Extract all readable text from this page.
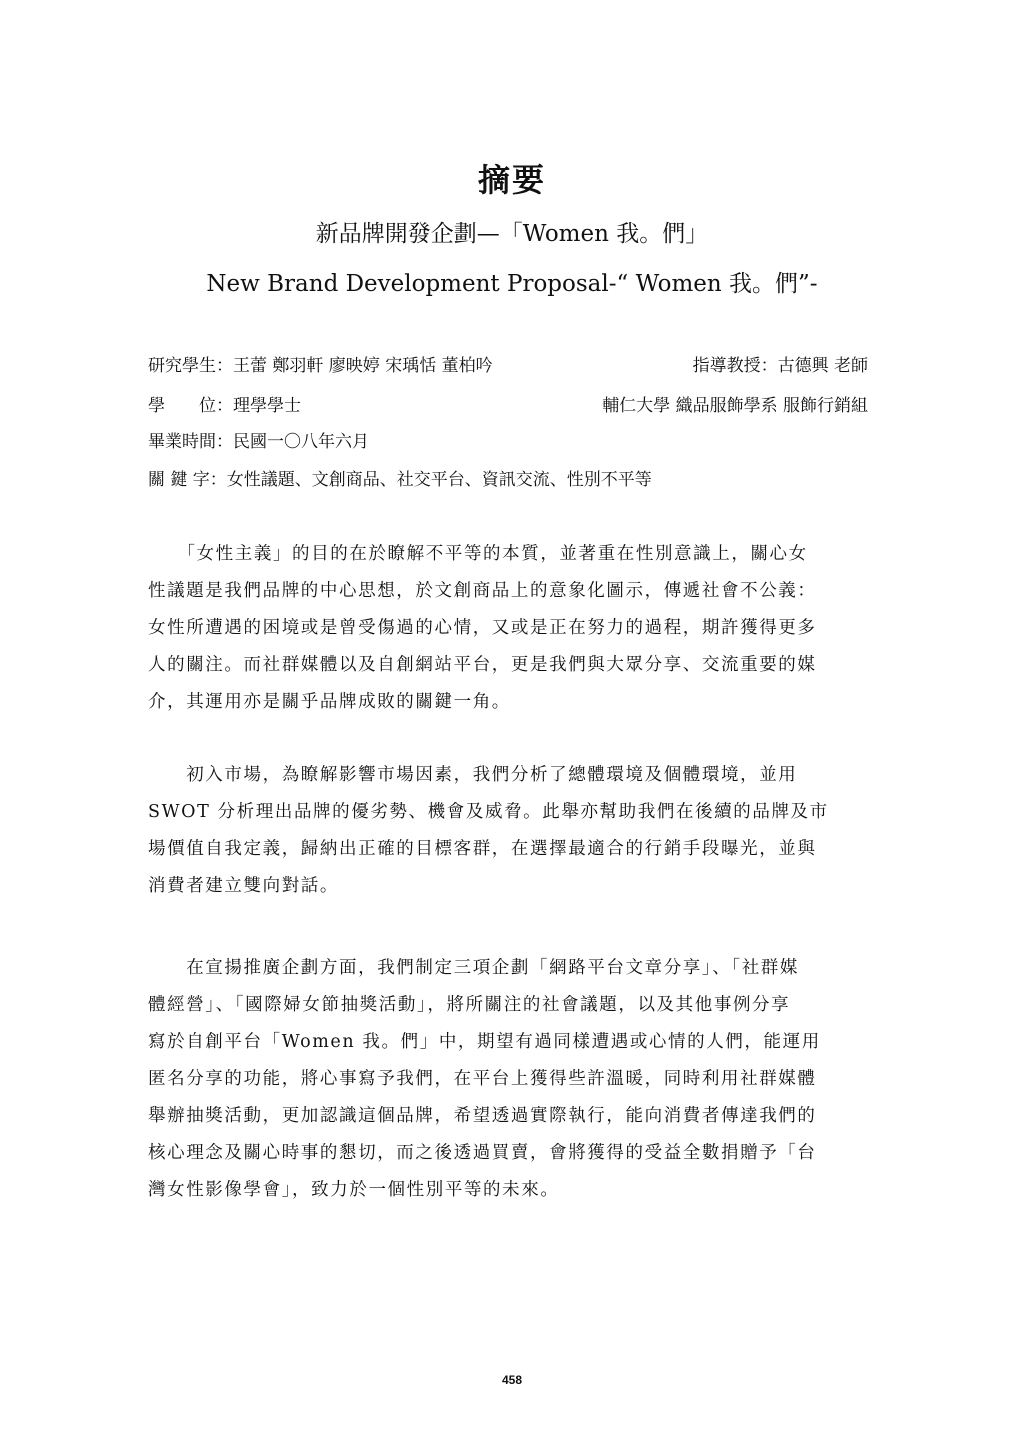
摘要
新品牌開發企劃—「Women 我。們」
New Brand Development Proposal-“ Women 我。們”-
研究學生：王蕾 鄭羽軒 廖映婷 宋瑀恬 董柏吟	指導教授：古德興 老師
學　　位：理學學士	輔仁大學 織品服飾學系 服飾行銷組
畢業時間：民國一〇八年六月
關 鍵 字：女性議題、文創商品、社交平台、資訊交流、性別不平等
　　「女性主義」的目的在於瞭解不平等的本質，並著重在性別意識上，關心女
性議題是我們品牌的中心思想，於文創商品上的意象化圖示，傳遞社會不公義：
女性所遭遇的困境或是曾受傷過的心情，又或是正在努力的過程，期許獲得更多
人的關注。而社群媒體以及自創網站平台，更是我們與大眾分享、交流重要的媒
介，其運用亦是關乎品牌成敗的關鍵一角。
　　初入市場，為瞭解影響市場因素，我們分析了總體環境及個體環境，並用
SWOT 分析理出品牌的優劣勢、機會及威脅。此舉亦幫助我們在後續的品牌及市
場價值自我定義，歸納出正確的目標客群，在選擇最適合的行銷手段曝光，並與
消費者建立雙向對話。
　　在宣揚推廣企劃方面，我們制定三項企劃「網路平台文章分享」、「社群媒
體經營」、「國際婦女節抽獎活動」，將所關注的社會議題，以及其他事例分享
寫於自創平台「Women 我。們」中，期望有過同樣遭遇或心情的人們，能運用
匿名分享的功能，將心事寫予我們，在平台上獲得些許溫暖，同時利用社群媒體
舉辦抽獎活動，更加認識這個品牌，希望透過實際執行，能向消費者傳達我們的
核心理念及關心時事的懇切，而之後透過買賣，會將獲得的受益全數捐贈予「台
灣女性影像學會」，致力於一個性別平等的未來。
458
